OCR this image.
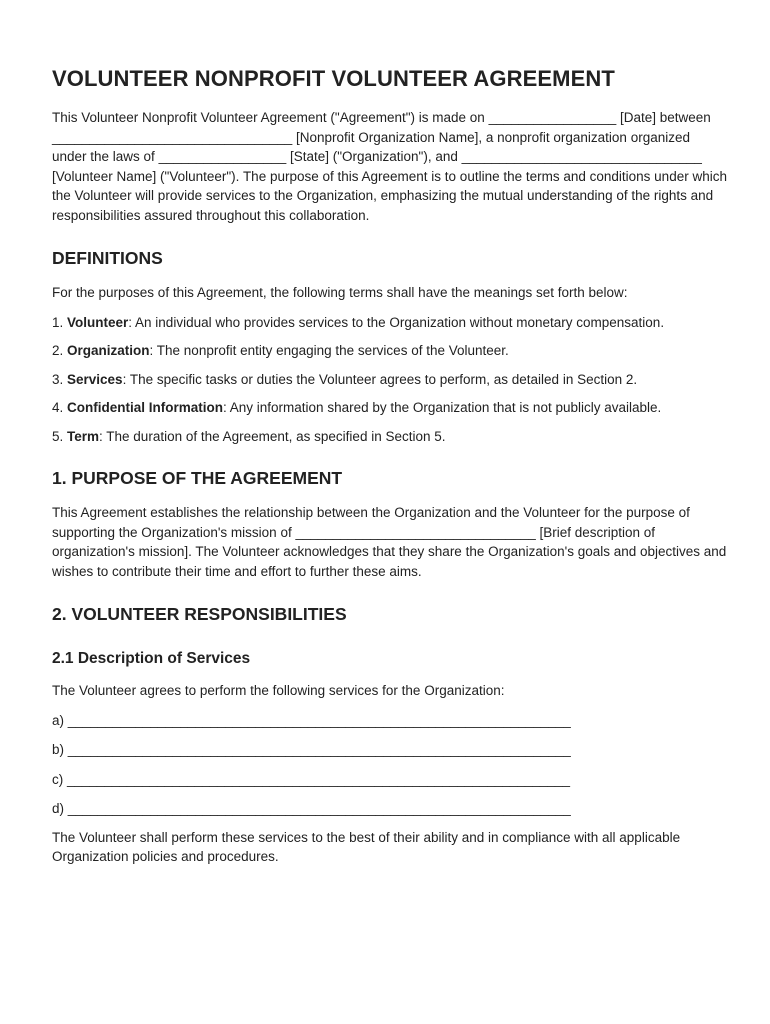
VOLUNTEER NONPROFIT VOLUNTEER AGREEMENT

This Volunteer Nonprofit Volunteer Agreement ("Agreement") is made on _________________ [Date] between ________________________________ [Nonprofit Organization Name], a nonprofit organization organized under the laws of _________________ [State] ("Organization"), and ________________________________ [Volunteer Name] ("Volunteer"). The purpose of this Agreement is to outline the terms and conditions under which the Volunteer will provide services to the Organization, emphasizing the mutual understanding of the rights and responsibilities assured throughout this collaboration.

DEFINITIONS

For the purposes of this Agreement, the following terms shall have the meanings set forth below:

1. Volunteer: An individual who provides services to the Organization without monetary compensation.

2. Organization: The nonprofit entity engaging the services of the Volunteer.

3. Services: The specific tasks or duties the Volunteer agrees to perform, as detailed in Section 2.

4. Confidential Information: Any information shared by the Organization that is not publicly available.

5. Term: The duration of the Agreement, as specified in Section 5.

1. PURPOSE OF THE AGREEMENT

This Agreement establishes the relationship between the Organization and the Volunteer for the purpose of supporting the Organization's mission of ________________________________ [Brief description of organization's mission]. The Volunteer acknowledges that they share the Organization's goals and objectives and wishes to contribute their time and effort to further these aims.

2. VOLUNTEER RESPONSIBILITIES
2.1 Description of Services

The Volunteer agrees to perform the following services for the Organization:

a) ___________________________________________________________________

b) ___________________________________________________________________

c) ___________________________________________________________________

d) ___________________________________________________________________

The Volunteer shall perform these services to the best of their ability and in compliance with all applicable Organization policies and procedures.
